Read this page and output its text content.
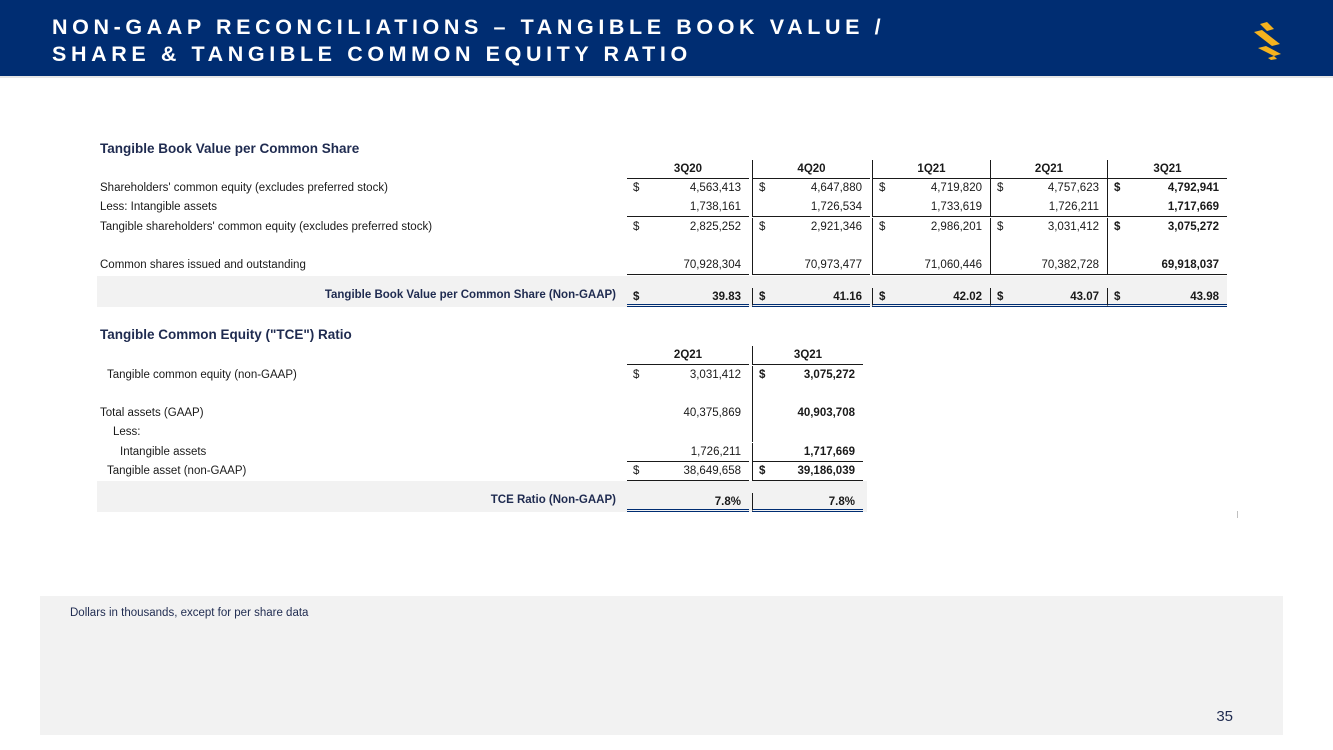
NON-GAAP RECONCILIATIONS – TANGIBLE BOOK VALUE /
SHARE & TANGIBLE COMMON EQUITY RATIO
Tangible Book Value per Common Share
3Q20	4Q20	1Q21	2Q21	3Q21
Shareholders' common equity (excludes preferred stock)	$	4,563,413 $	4,647,880 $	4,719,820 $	4,757,623 $	4,792,941
Less: Intangible assets	1,738,161	1,726,534	1,733,619	1,726,211	1,717,669
Tangible shareholders' common equity (excludes preferred stock)	$	2,825,252 $	2,921,346 $	2,986,201 $	3,031,412 $	3,075,272
Common shares issued and outstanding	70,928,304	70,973,477	71,060,446	70,382,728	69,918,037
Tangible Book Value per Common Share (Non-GAAP) $	39.83 $	41.16 $	42.02 $	43.07 $	43.98
Tangible Common Equity ("TCE") Ratio
2Q21	3Q21
Tangible common equity (non-GAAP)	$	3,031,412 $	3,075,272
Total assets (GAAP)	40,375,869	40,903,708
Less:
Intangible assets	1,726,211	1,717,669
Tangible asset (non-GAAP)	$	38,649,658 $	39,186,039
TCE Ratio (Non-GAAP)	7.8%	7.8%
Dollars in thousands, except for per share data
35
